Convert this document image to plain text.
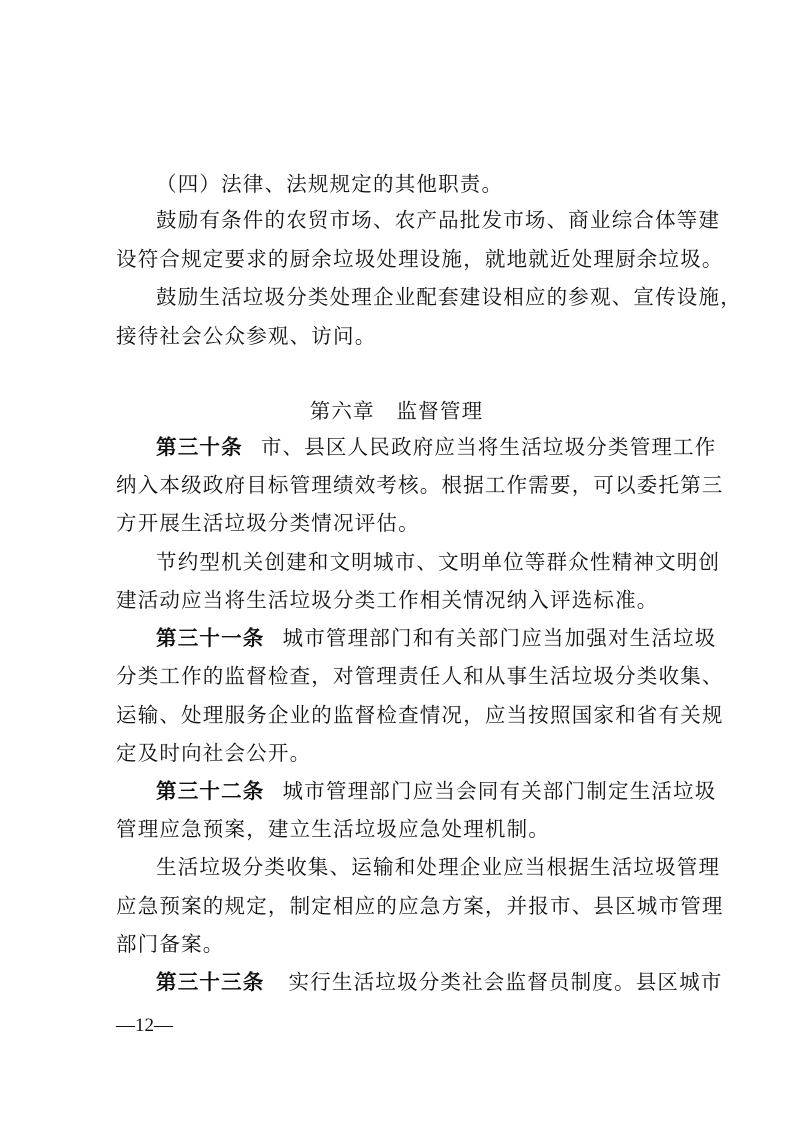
（四）法律、法规规定的其他职责。
鼓励有条件的农贸市场、农产品批发市场、商业综合体等建
设符合规定要求的厨余垃圾处理设施，就地就近处理厨余垃圾。
鼓励生活垃圾分类处理企业配套建设相应的参观、宣传设施，
接待社会公众参观、访问。
第六章　监督管理
第三十条 市、县区人民政府应当将生活垃圾分类管理工作
纳入本级政府目标管理绩效考核。根据工作需要，可以委托第三
方开展生活垃圾分类情况评估。
节约型机关创建和文明城市、文明单位等群众性精神文明创
建活动应当将生活垃圾分类工作相关情况纳入评选标准。
第三十一条 城市管理部门和有关部门应当加强对生活垃圾
分类工作的监督检查，对管理责任人和从事生活垃圾分类收集、
运输、处理服务企业的监督检查情况，应当按照国家和省有关规
定及时向社会公开。
第三十二条 城市管理部门应当会同有关部门制定生活垃圾
管理应急预案，建立生活垃圾应急处理机制。
生活垃圾分类收集、运输和处理企业应当根据生活垃圾管理
应急预案的规定，制定相应的应急方案，并报市、县区城市管理
部门备案。
第三十三条 实行生活垃圾分类社会监督员制度。县区城市
—12—
